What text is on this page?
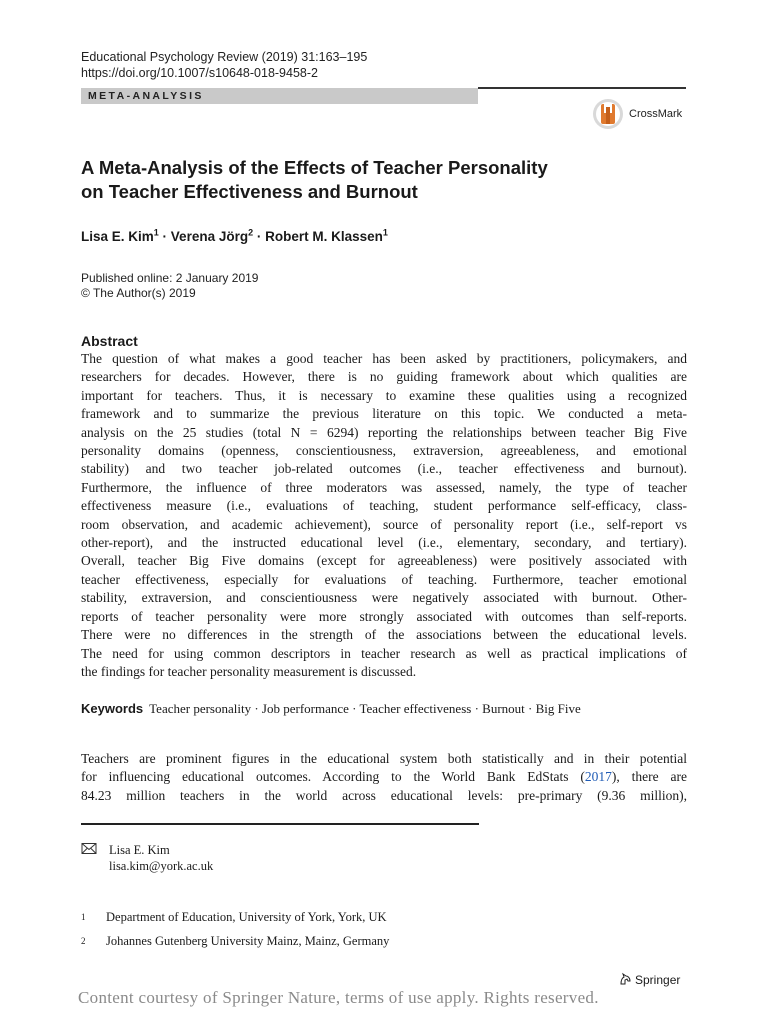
Educational Psychology Review (2019) 31:163–195
https://doi.org/10.1007/s10648-018-9458-2
META-ANALYSIS
CrossMark
A Meta-Analysis of the Effects of Teacher Personality
on Teacher Effectiveness and Burnout
Lisa E. Kim$^1$ · Verena Jörg$^2$ · Robert M. Klassen$^1$
Published online: 2 January 2019
© The Author(s) 2019
Abstract
The question of what makes a good teacher has been asked by practitioners, policymakers, and
researchers for decades. However, there is no guiding framework about which qualities are
important for teachers. Thus, it is necessary to examine these qualities using a recognized
framework and to summarize the previous literature on this topic. We conducted a meta-
analysis on the 25 studies (total N = 6294) reporting the relationships between teacher Big Five
personality domains (openness, conscientiousness, extraversion, agreeableness, and emotional
stability) and two teacher job-related outcomes (i.e., teacher effectiveness and burnout).
Furthermore, the influence of three moderators was assessed, namely, the type of teacher
effectiveness measure (i.e., evaluations of teaching, student performance self-efficacy, class-
room observation, and academic achievement), source of personality report (i.e., self-report vs
other-report), and the instructed educational level (i.e., elementary, secondary, and tertiary).
Overall, teacher Big Five domains (except for agreeableness) were positively associated with
teacher effectiveness, especially for evaluations of teaching. Furthermore, teacher emotional
stability, extraversion, and conscientiousness were negatively associated with burnout. Other-
reports of teacher personality were more strongly associated with outcomes than self-reports.
There were no differences in the strength of the associations between the educational levels.
The need for using common descriptors in teacher research as well as practical implications of
the findings for teacher personality measurement is discussed.
Keywords Teacher personality · Job performance · Teacher effectiveness · Burnout · Big Five
Teachers are prominent figures in the educational system both statistically and in their potential
for influencing educational outcomes. According to the World Bank EdStats (2017), there are
84.23 million teachers in the world across educational levels: pre-primary (9.36 million),
Lisa E. Kim
lisa.kim@york.ac.uk
1 Department of Education, University of York, York, UK
2 Johannes Gutenberg University Mainz, Mainz, Germany
Springer
Content courtesy of Springer Nature, terms of use apply. Rights reserved.
